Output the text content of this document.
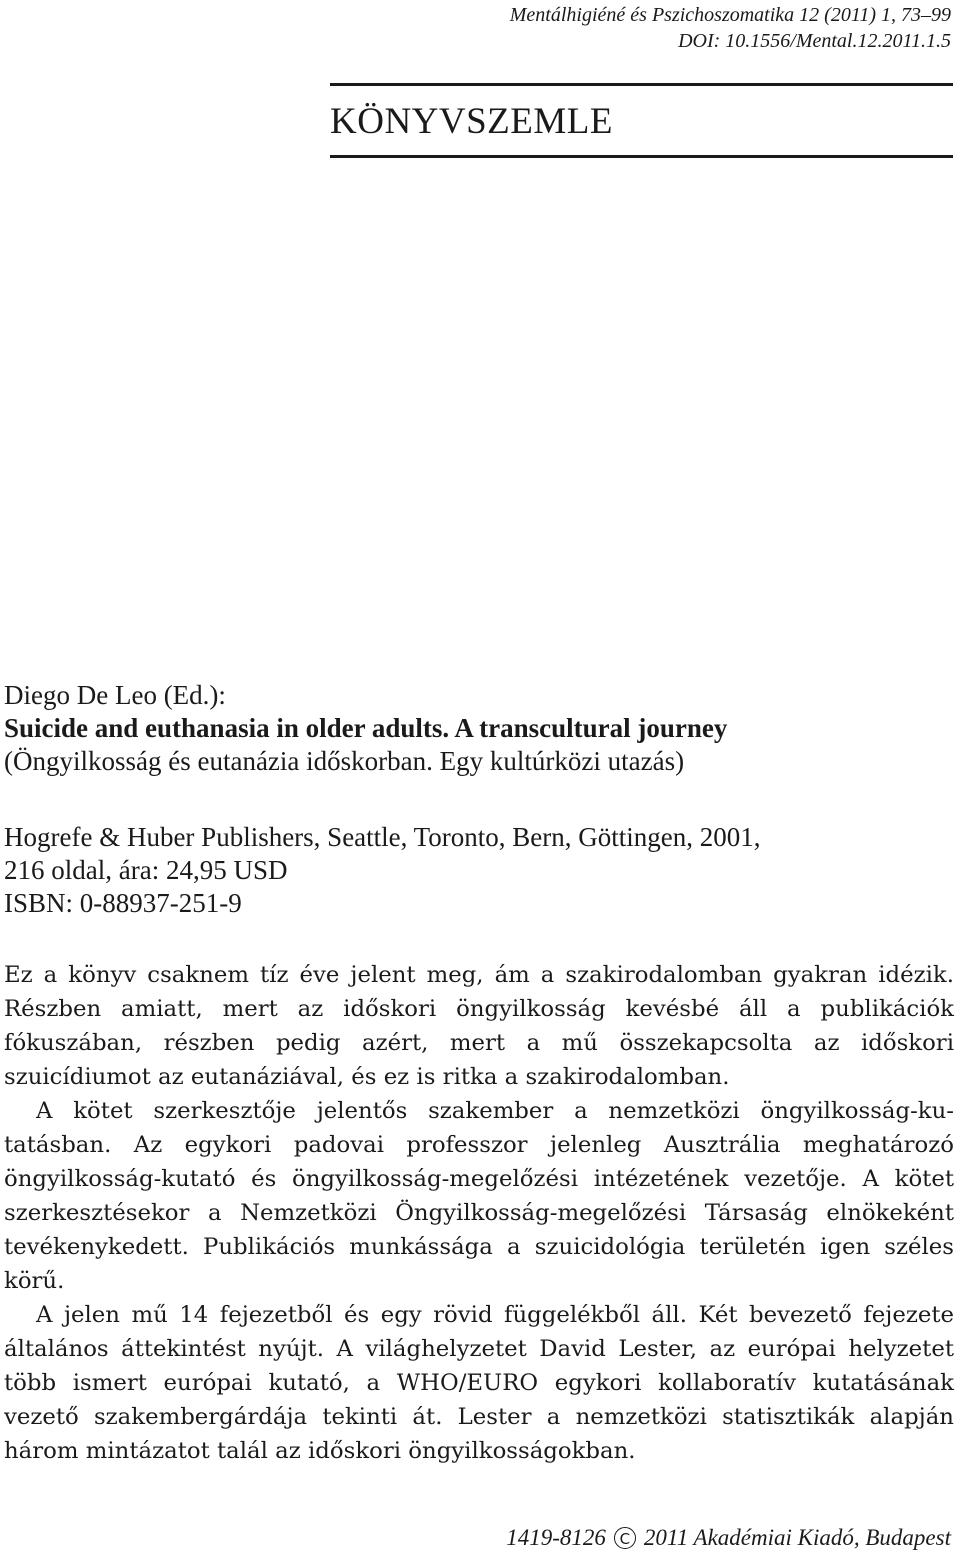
Mentálhigiéné és Pszichoszomatika 12 (2011) 1, 73–99
DOI: 10.1556/Mental.12.2011.1.5
KÖNYVSZEMLE
Diego De Leo (Ed.):
Suicide and euthanasia in older adults. A transcultural journey
(Öngyilkosság és eutanázia időskorban. Egy kultúrközi utazás)
Hogrefe & Huber Publishers, Seattle, Toronto, Bern, Göttingen, 2001,
216 oldal, ára: 24,95 USD
ISBN: 0-88937-251-9

Ez a könyv csaknem tíz éve jelent meg, ám a szakirodalomban gyakran idézik. Részben amiatt, mert az időskori öngyilkosság kevésbé áll a publikációk fókuszában, részben pedig azért, mert a mű összekapcsolta az időskori szuicídiumot az eutanáziával, és ez is ritka a szakirodalomban.

A kötet szerkesztője jelentős szakember a nemzetközi öngyilkosság-kutatásban. Az egykori padovai professzor jelenleg Ausztrália meghatározó öngyilkosság-kutató és öngyilkosság-megelőzési intézetének vezetője. A kötet szerkesztésekor a Nemzetközi Öngyilkosság-megelőzési Társaság elnökeként tevékenykedett. Publikációs munkássága a szuicidológia területén igen széles körű.

A jelen mű 14 fejezetből és egy rövid függelékből áll. Két bevezető fejezete általános áttekintést nyújt. A világhelyzetet David Lester, az európai helyzetet több ismert európai kutató, a WHO/EURO egykori kollaboratív kutatásának vezető szakembergárdája tekinti át. Lester a nemzetközi statisztikák alapján három mintázatot talál az időskori öngyilkosságokban.

1419-8126 C 2011 Akadémiai Kiadó, Budapest
